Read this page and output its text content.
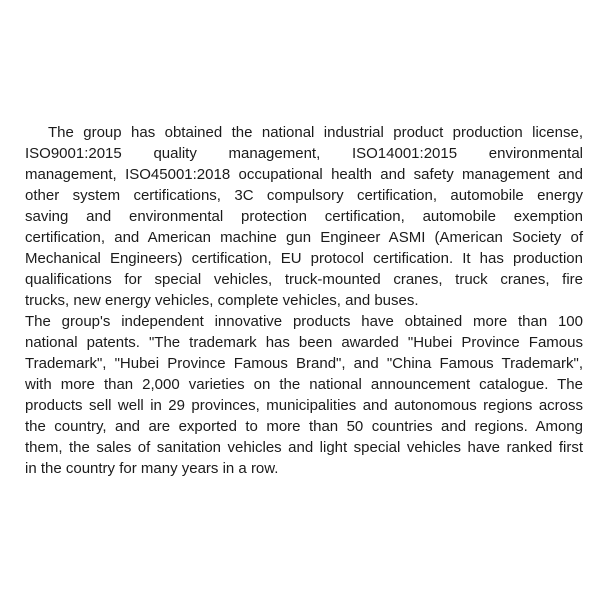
The group has obtained the national industrial product production license,
ISO9001:2015 quality management, ISO14001:2015 environmental
management, ISO45001:2018 occupational health and safety management and
other system certifications, 3C compulsory certification, automobile energy
saving and environmental protection certification, automobile exemption
certification, and American machine gun Engineer ASMI (American Society of
Mechanical Engineers) certification, EU protocol certification. It has production
qualifications for special vehicles, truck-mounted cranes, truck cranes, fire
trucks, new energy vehicles, complete vehicles, and buses.
The group's independent innovative products have obtained more than 100
national patents. "The trademark has been awarded "Hubei Province Famous
Trademark", "Hubei Province Famous Brand", and "China Famous Trademark",
with more than 2,000 varieties on the national announcement catalogue. The
products sell well in 29 provinces, municipalities and autonomous regions across
the country, and are exported to more than 50 countries and regions. Among
them, the sales of sanitation vehicles and light special vehicles have ranked first
in the country for many years in a row.
